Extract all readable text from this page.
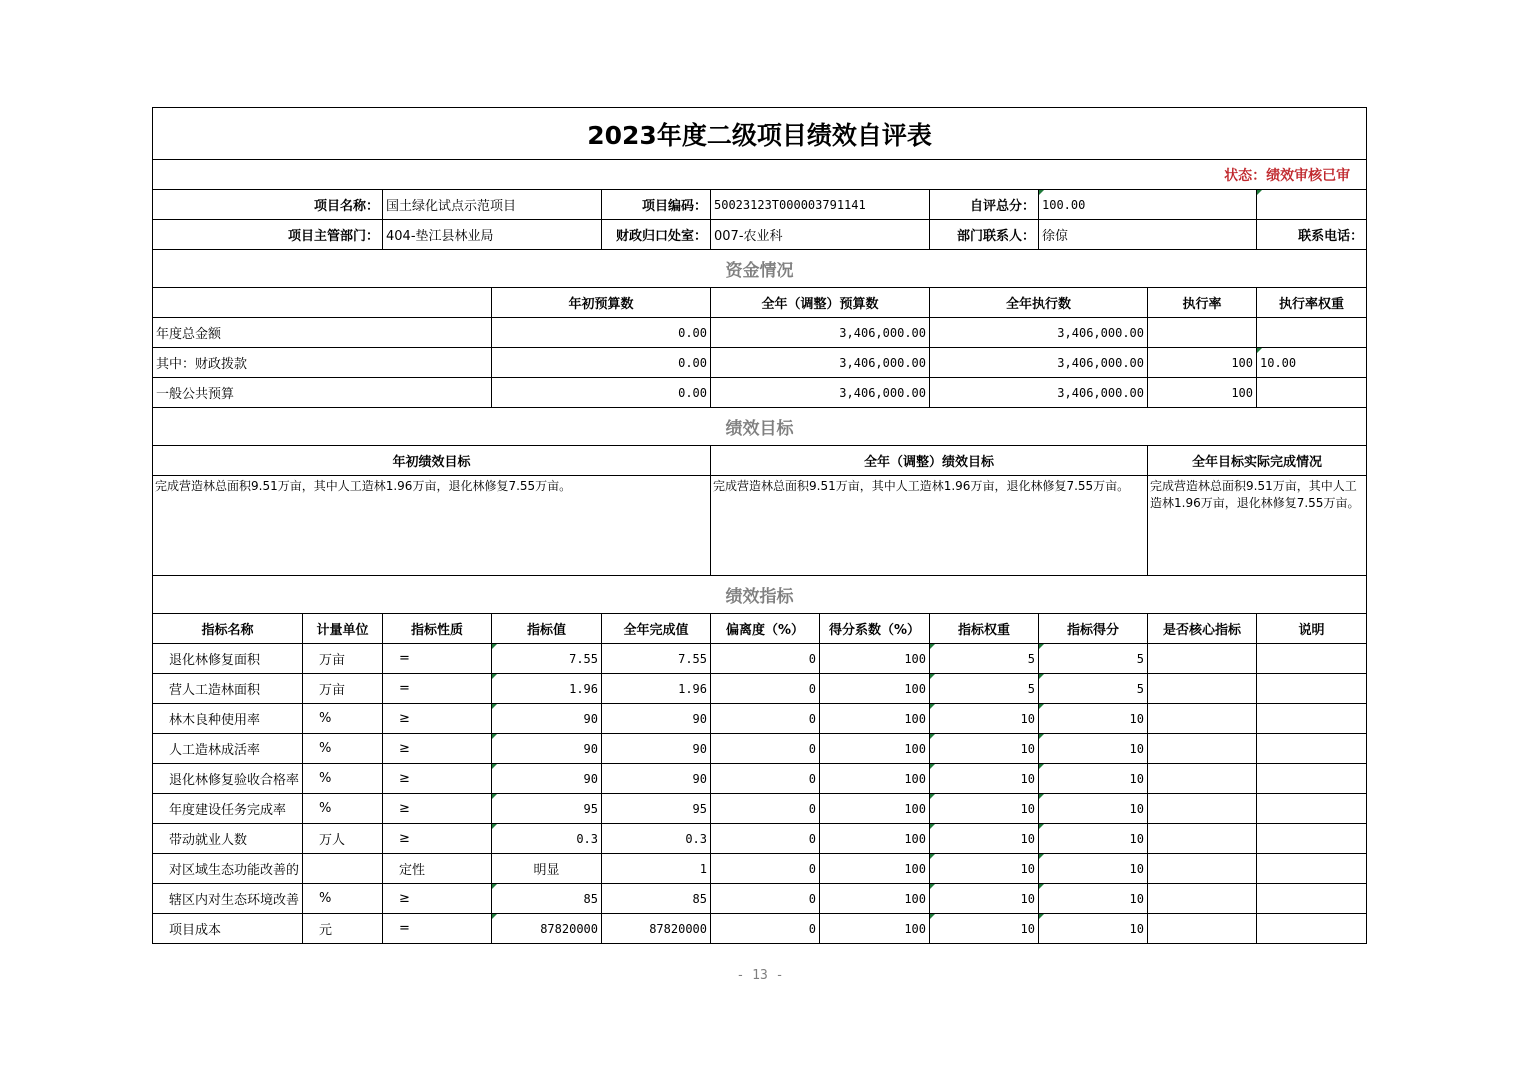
2023年度二级项目绩效自评表											
状态：绩效审核已审											
项目名称：		国土绿化试点示范项目		项目编码：	50023123T000003791141		自评总分：	100.00			
项目主管部门：		404-垫江县林业局		财政归口处室：	007-农业科		部门联系人：	徐倞		联系电话：	
资金情况											
			年初预算数		全年（调整）预算数		全年执行数		执行率	执行率权重	
年度总金额			0.00		3,406,000.00		3,406,000.00				
其中：财政拨款			0.00		3,406,000.00		3,406,000.00		100	10.00	
一般公共预算			0.00		3,406,000.00		3,406,000.00		100		
绩效目标											
年初绩效目标					全年（调整）绩效目标				全年目标实际完成情况		
完成营造林总面积9.51万亩，其中人工造林1.96万亩，退化林修复7.55万亩。					完成营造林总面积9.51万亩，其中人工造林1.96万亩，退化林修复7.55万亩。				完成营造林总面积9.51万亩，其中人工造林1.96万亩，退化林修复7.55万亩。		
绩效指标											
指标名称	计量单位	指标性质	指标值	全年完成值	偏离度（%）	得分系数（%）	指标权重	指标得分	是否核心指标	说明	
退化林修复面积	万亩	=	7.55	7.55	0	100	5	5			
营人工造林面积	万亩	=	1.96	1.96	0	100	5	5			
林木良种使用率	%	≥	90	90	0	100	10	10			
人工造林成活率	%	≥	90	90	0	100	10	10			
退化林修复验收合格率	%	≥	90	90	0	100	10	10			
年度建设任务完成率	%	≥	95	95	0	100	10	10			
带动就业人数	万人	≥	0.3	0.3	0	100	10	10			
对区域生态功能改善的		定性	明显	1	0	100	10	10			
辖区内对生态环境改善	%	≥	85	85	0	100	10	10			
项目成本	元	=	87820000	87820000	0	100	10	10			
- 13 -
